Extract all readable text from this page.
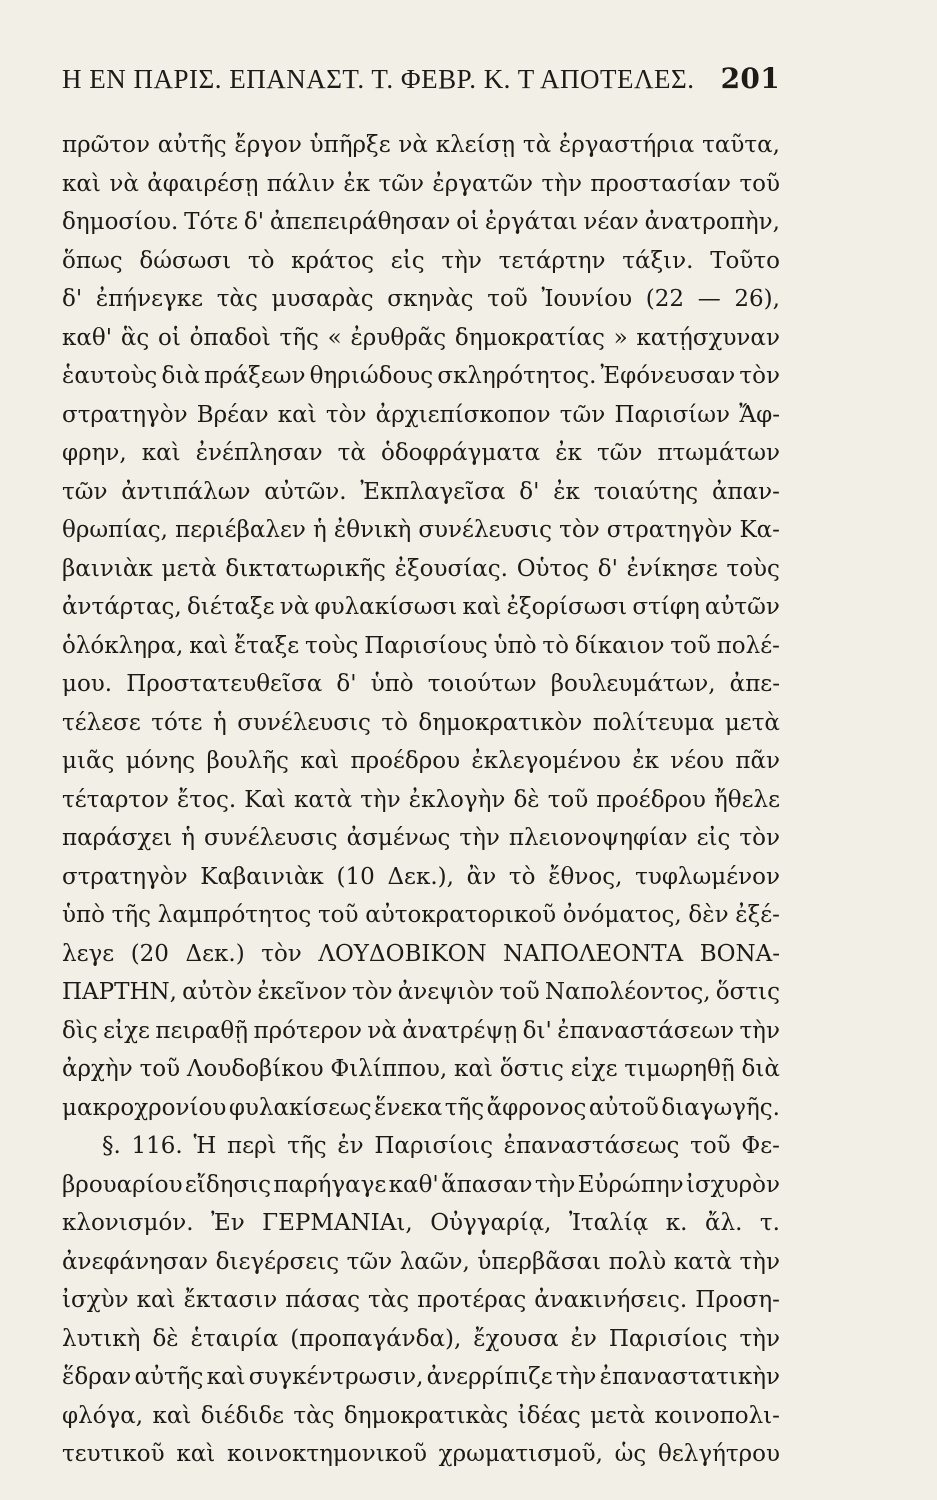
Η ΕΝ ΠΑΡΙΣ. ΕΠΑΝΑΣΤ. Τ. ΦΕΒΡ. Κ. Τ ΑΠΟΤΕΛΕΣ. 201
πρῶτον αὐτῆς ἔργον ὑπῆρξε νὰ κλείσῃ τὰ ἐργαστήρια ταῦτα,
καὶ νὰ ἀφαιρέσῃ πάλιν ἐκ τῶν ἐργατῶν τὴν προστασίαν τοῦ
δημοσίου. Τότε δ' ἀπεπειράθησαν οἱ ἐργάται νέαν ἀνατροπὴν,
ὅπως δώσωσι τὸ κράτος εἰς τὴν τετάρτην τάξιν. Τοῦτο
δ' ἐπήνεγκε τὰς μυσαρὰς σκηνὰς τοῦ Ἰουνίου (22 — 26),
καθ' ἃς οἱ ὀπαδοὶ τῆς « ἐρυθρᾶς δημοκρατίας » κατῄσχυναν
ἑαυτοὺς διὰ πράξεων θηριώδους σκληρότητος. Ἐφόνευσαν τὸν
στρατηγὸν Βρέαν καὶ τὸν ἀρχιεπίσκοπον τῶν Παρισίων Ἄφ-
φρην, καὶ ἐνέπλησαν τὰ ὁδοφράγματα ἐκ τῶν πτωμάτων
τῶν ἀντιπάλων αὐτῶν. Ἐκπλαγεῖσα δ' ἐκ τοιαύτης ἀπαν-
θρωπίας, περιέβαλεν ἡ ἐθνικὴ συνέλευσις τὸν στρατηγὸν Κα-
βαινιὰκ μετὰ δικτατωρικῆς ἐξουσίας. Οὗτος δ' ἐνίκησε τοὺς
ἀντάρτας, διέταξε νὰ φυλακίσωσι καὶ ἐξορίσωσι στίφη αὐτῶν
ὁλόκληρα, καὶ ἔταξε τοὺς Παρισίους ὑπὸ τὸ δίκαιον τοῦ πολέ-
μου. Προστατευθεῖσα δ' ὑπὸ τοιούτων βουλευμάτων, ἀπε-
τέλεσε τότε ἡ συνέλευσις τὸ δημοκρατικὸν πολίτευμα μετὰ
μιᾶς μόνης βουλῆς καὶ προέδρου ἐκλεγομένου ἐκ νέου πᾶν
τέταρτον ἔτος. Καὶ κατὰ τὴν ἐκλογὴν δὲ τοῦ προέδρου ἤθελε
παράσχει ἡ συνέλευσις ἀσμένως τὴν πλειονοψηφίαν εἰς τὸν
στρατηγὸν Καβαινιὰκ (10 Δεκ.), ἂν τὸ ἔθνος, τυφλωμένον
ὑπὸ τῆς λαμπρότητος τοῦ αὐτοκρατορικοῦ ὀνόματος, δὲν ἐξέ-
λεγε (20 Δεκ.) τὸν ΛΟΥΔΟΒΙΚΟΝ ΝΑΠΟΛΕΟΝΤΑ ΒΟΝΑ-
ΠΑΡΤΗΝ, αὐτὸν ἐκεῖνον τὸν ἀνεψιὸν τοῦ Ναπολέοντος, ὅστις
δὶς εἶχε πειραθῇ πρότερον νὰ ἀνατρέψῃ δι' ἐπαναστάσεων τὴν
ἀρχὴν τοῦ Λουδοβίκου Φιλίππου, καὶ ὅστις εἶχε τιμωρηθῇ διὰ
μακροχρονίου φυλακίσεως ἕνεκα τῆς ἄφρονος αὐτοῦ διαγωγῆς.
§. 116. Ἡ περὶ τῆς ἐν Παρισίοις ἐπαναστάσεως τοῦ Φε-
βρουαρίου εἴδησις παρήγαγε καθ' ἅπασαν τὴν Εὐρώπην ἰσχυρὸν
κλονισμόν. Ἐν ΓΕΡΜΑΝΙΑι, Οὐγγαρίᾳ, Ἰταλίᾳ κ. ἄλ. τ.
ἀνεφάνησαν διεγέρσεις τῶν λαῶν, ὑπερβᾶσαι πολὺ κατὰ τὴν
ἰσχὺν καὶ ἔκτασιν πάσας τὰς προτέρας ἀνακινήσεις. Προση-
λυτικὴ δὲ ἑταιρία (προπαγάνδα), ἔχουσα ἐν Παρισίοις τὴν
ἕδραν αὐτῆς καὶ συγκέντρωσιν, ἀνερρίπιζε τὴν ἐπαναστατικὴν
φλόγα, καὶ διέδιδε τὰς δημοκρατικὰς ἰδέας μετὰ κοινοπολι-
τευτικοῦ καὶ κοινοκτημονικοῦ χρωματισμοῦ, ὡς θελγήτρου
